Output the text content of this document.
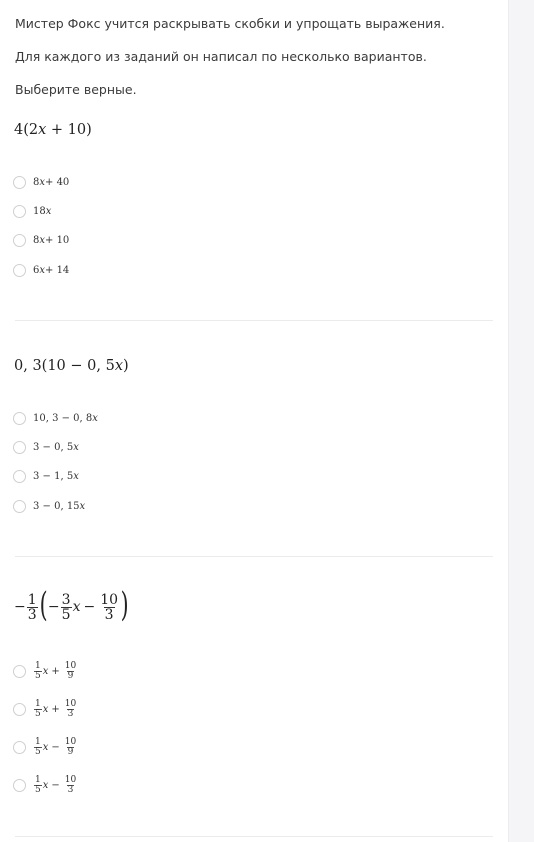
Мистер Фокс учится раскрывать скобки и упрощать выражения.
Для каждого из заданий он написал по несколько вариантов.
Выберите верные.
4(2x + 10)
8 x + 40
18 x
8 x + 10
6 x + 14
0, 3(10 − 0, 5x)
10, 3 − 0, 8 x
3 − 0, 5 x
3 − 1, 5 x
3 − 0, 15 x
− $\frac{1}{3}$ ( − $\frac{3}{5}$ $x - \frac{10}{3}$ )
$\frac{1}{5}$ $x + \frac{10}{9}$
$\frac{1}{5}$ $x + \frac{10}{3}$
$\frac{1}{5}$ $x - \frac{10}{9}$
$\frac{1}{5}$ $x - \frac{10}{3}$
